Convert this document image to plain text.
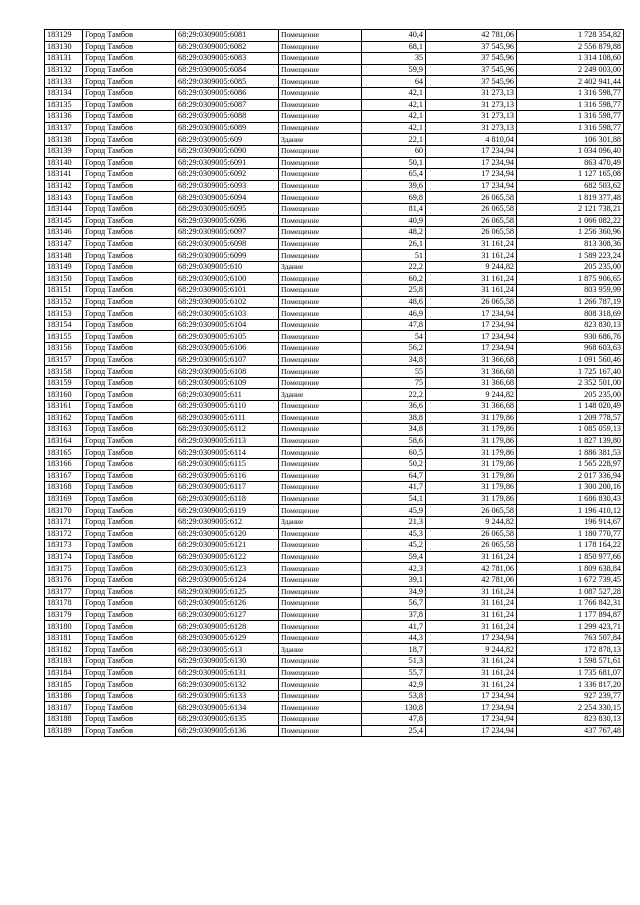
183129	Город Тамбов	68:29:0309005:6081	Помещение	40,4	42 781,06	1 728 354,82
183130	Город Тамбов	68:29:0309005:6082	Помещение	68,1	37 545,96	2 556 879,88
183131	Город Тамбов	68:29:0309005:6083	Помещение	35	37 545,96	1 314 108,60
183132	Город Тамбов	68:29:0309005:6084	Помещение	59,9	37 545,96	2 249 003,00
183133	Город Тамбов	68:29:0309005:6085	Помещение	64	37 545,96	2 402 941,44
183134	Город Тамбов	68:29:0309005:6086	Помещение	42,1	31 273,13	1 316 598,77
183135	Город Тамбов	68:29:0309005:6087	Помещение	42,1	31 273,13	1 316 598,77
183136	Город Тамбов	68:29:0309005:6088	Помещение	42,1	31 273,13	1 316 598,77
183137	Город Тамбов	68:29:0309005:6089	Помещение	42,1	31 273,13	1 316 598,77
183138	Город Тамбов	68:29:0309005:609	Здание	22,1	4 810,04	106 301,88
183139	Город Тамбов	68:29:0309005:6090	Помещение	60	17 234,94	1 034 096,40
183140	Город Тамбов	68:29:0309005:6091	Помещение	50,1	17 234,94	863 470,49
183141	Город Тамбов	68:29:0309005:6092	Помещение	65,4	17 234,94	1 127 165,08
183142	Город Тамбов	68:29:0309005:6093	Помещение	39,6	17 234,94	682 503,62
183143	Город Тамбов	68:29:0309005:6094	Помещение	69,8	26 065,58	1 819 377,48
183144	Город Тамбов	68:29:0309005:6095	Помещение	81,4	26 065,58	2 121 738,21
183145	Город Тамбов	68:29:0309005:6096	Помещение	40,9	26 065,58	1 066 082,22
183146	Город Тамбов	68:29:0309005:6097	Помещение	48,2	26 065,58	1 256 360,96
183147	Город Тамбов	68:29:0309005:6098	Помещение	26,1	31 161,24	813 308,36
183148	Город Тамбов	68:29:0309005:6099	Помещение	51	31 161,24	1 589 223,24
183149	Город Тамбов	68:29:0309005:610	Здание	22,2	9 244,82	205 235,00
183150	Город Тамбов	68:29:0309005:6100	Помещение	60,2	31 161,24	1 875 906,65
183151	Город Тамбов	68:29:0309005:6101	Помещение	25,8	31 161,24	803 959,99
183152	Город Тамбов	68:29:0309005:6102	Помещение	48,6	26 065,58	1 266 787,19
183153	Город Тамбов	68:29:0309005:6103	Помещение	46,9	17 234,94	808 318,69
183154	Город Тамбов	68:29:0309005:6104	Помещение	47,8	17 234,94	823 830,13
183155	Город Тамбов	68:29:0309005:6105	Помещение	54	17 234,94	930 686,76
183156	Город Тамбов	68:29:0309005:6106	Помещение	56,2	17 234,94	968 603,63
183157	Город Тамбов	68:29:0309005:6107	Помещение	34,8	31 366,68	1 091 560,46
183158	Город Тамбов	68:29:0309005:6108	Помещение	55	31 366,68	1 725 167,40
183159	Город Тамбов	68:29:0309005:6109	Помещение	75	31 366,68	2 352 501,00
183160	Город Тамбов	68:29:0309005:611	Здание	22,2	9 244,82	205 235,00
183161	Город Тамбов	68:29:0309005:6110	Помещение	36,6	31 366,68	1 148 020,49
183162	Город Тамбов	68:29:0309005:6111	Помещение	38,8	31 179,86	1 209 778,57
183163	Город Тамбов	68:29:0309005:6112	Помещение	34,8	31 179,86	1 085 059,13
183164	Город Тамбов	68:29:0309005:6113	Помещение	58,6	31 179,86	1 827 139,80
183165	Город Тамбов	68:29:0309005:6114	Помещение	60,5	31 179,86	1 886 381,53
183166	Город Тамбов	68:29:0309005:6115	Помещение	50,2	31 179,86	1 565 228,97
183167	Город Тамбов	68:29:0309005:6116	Помещение	64,7	31 179,86	2 017 336,94
183168	Город Тамбов	68:29:0309005:6117	Помещение	41,7	31 179,86	1 300 200,16
183169	Город Тамбов	68:29:0309005:6118	Помещение	54,1	31 179,86	1 686 830,43
183170	Город Тамбов	68:29:0309005:6119	Помещение	45,9	26 065,58	1 196 410,12
183171	Город Тамбов	68:29:0309005:612	Здание	21,3	9 244,82	196 914,67
183172	Город Тамбов	68:29:0309005:6120	Помещение	45,3	26 065,58	1 180 770,77
183173	Город Тамбов	68:29:0309005:6121	Помещение	45,2	26 065,58	1 178 164,22
183174	Город Тамбов	68:29:0309005:6122	Помещение	59,4	31 161,24	1 850 977,66
183175	Город Тамбов	68:29:0309005:6123	Помещение	42,3	42 781,06	1 809 638,84
183176	Город Тамбов	68:29:0309005:6124	Помещение	39,1	42 781,06	1 672 739,45
183177	Город Тамбов	68:29:0309005:6125	Помещение	34,9	31 161,24	1 087 527,28
183178	Город Тамбов	68:29:0309005:6126	Помещение	56,7	31 161,24	1 766 842,31
183179	Город Тамбов	68:29:0309005:6127	Помещение	37,8	31 161,24	1 177 894,87
183180	Город Тамбов	68:29:0309005:6128	Помещение	41,7	31 161,24	1 299 423,71
183181	Город Тамбов	68:29:0309005:6129	Помещение	44,3	17 234,94	763 507,84
183182	Город Тамбов	68:29:0309005:613	Здание	18,7	9 244,82	172 878,13
183183	Город Тамбов	68:29:0309005:6130	Помещение	51,3	31 161,24	1 598 571,61
183184	Город Тамбов	68:29:0309005:6131	Помещение	55,7	31 161,24	1 735 681,07
183185	Город Тамбов	68:29:0309005:6132	Помещение	42,9	31 161,24	1 336 817,20
183186	Город Тамбов	68:29:0309005:6133	Помещение	53,8	17 234,94	927 239,77
183187	Город Тамбов	68:29:0309005:6134	Помещение	130,8	17 234,94	2 254 330,15
183188	Город Тамбов	68:29:0309005:6135	Помещение	47,8	17 234,94	823 830,13
183189	Город Тамбов	68:29:0309005:6136	Помещение	25,4	17 234,94	437 767,48
